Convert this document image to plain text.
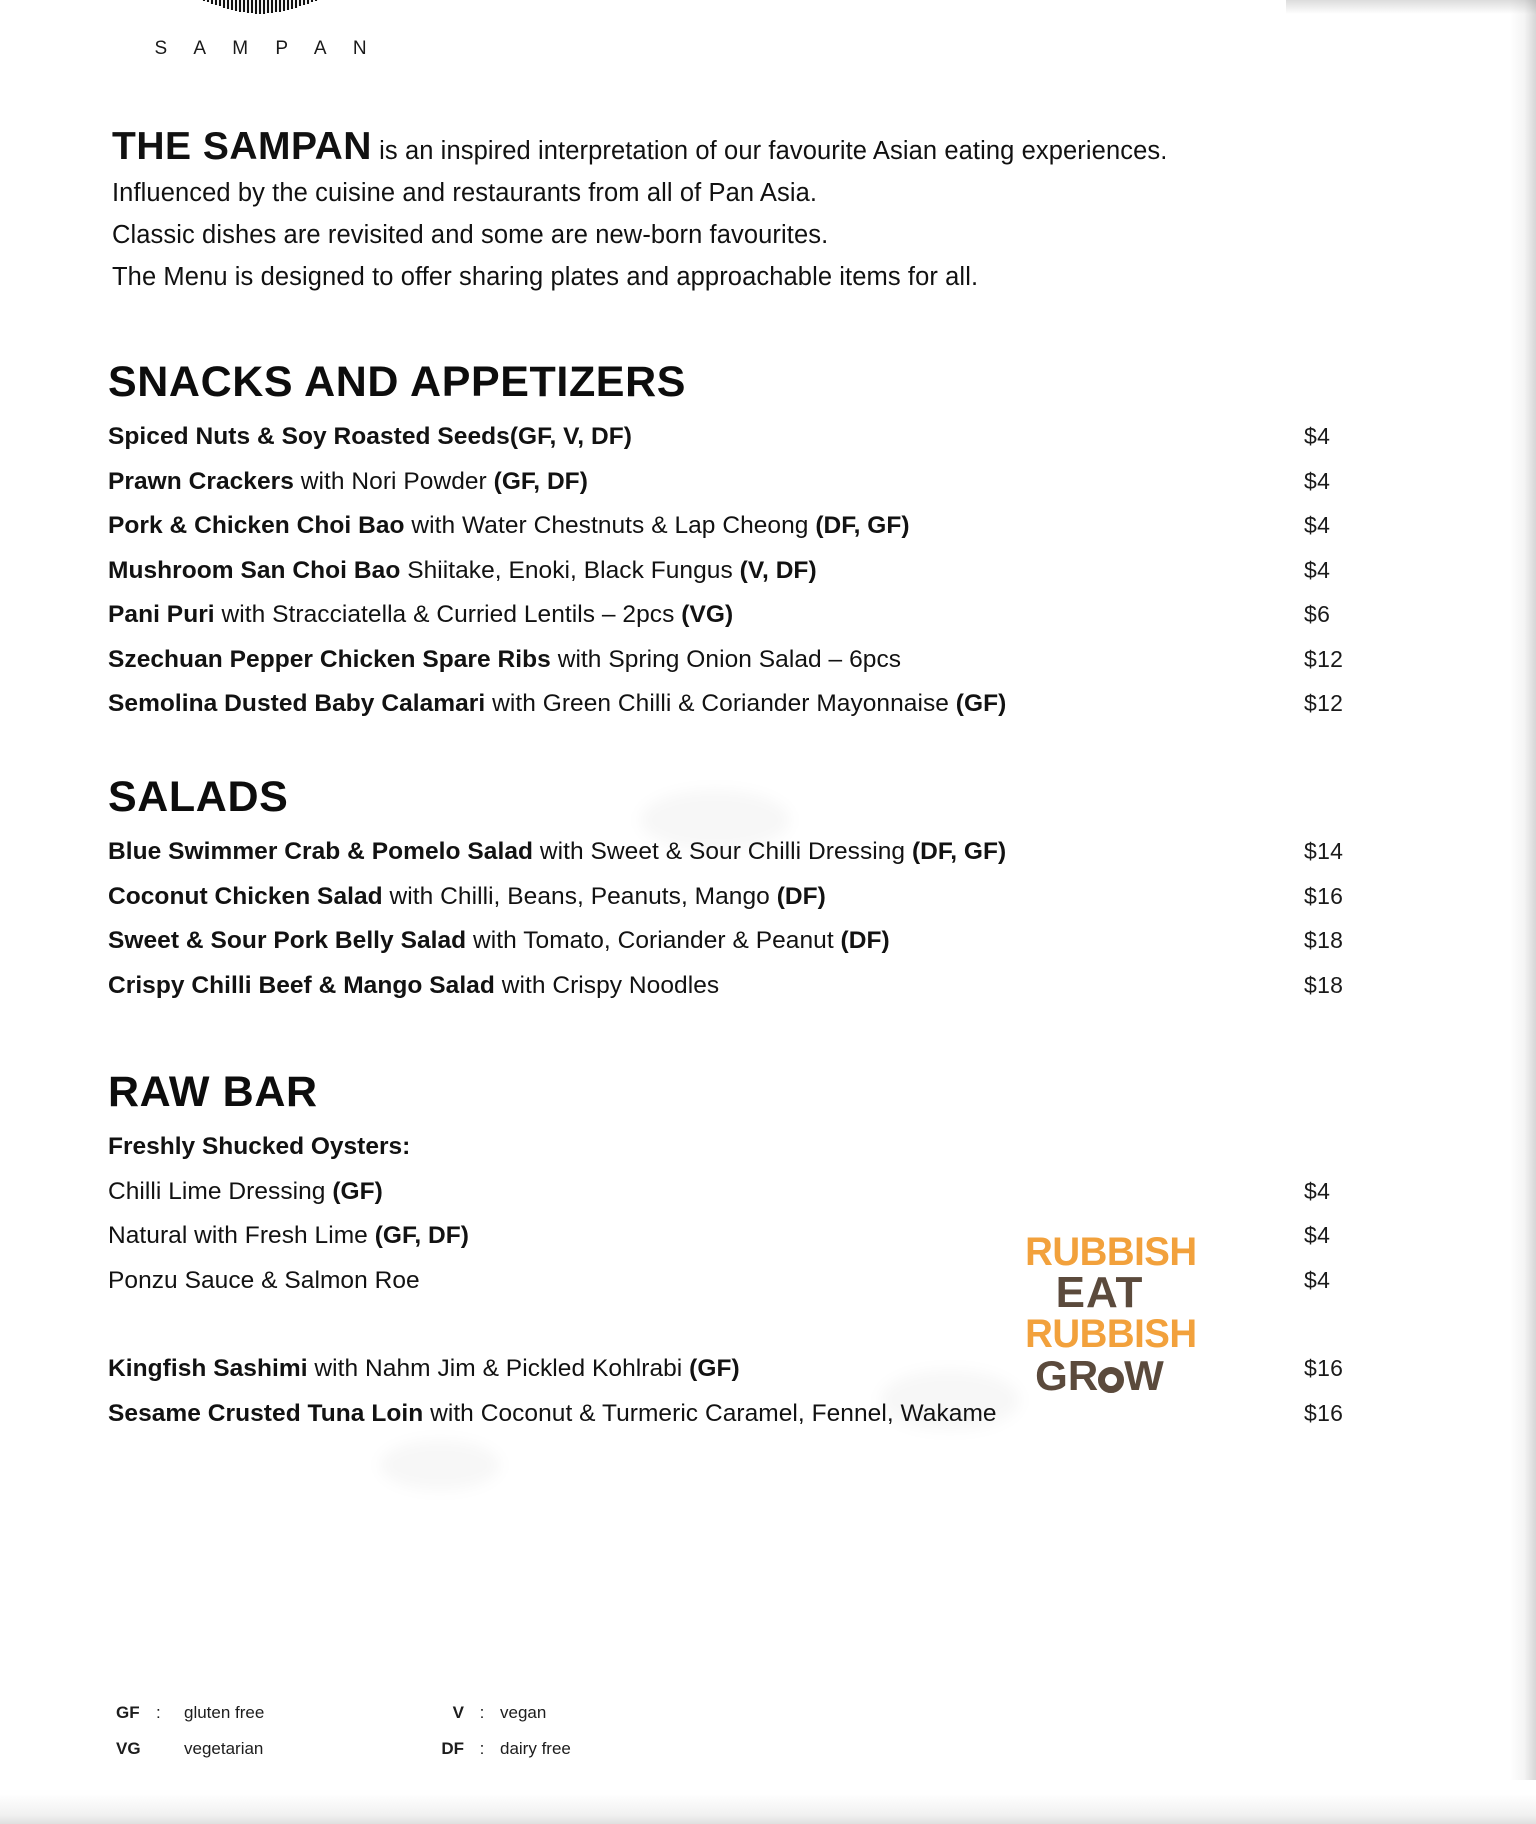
S A M P A N
THE SAMPAN is an inspired interpretation of our favourite Asian eating experiences.
Influenced by the cuisine and restaurants from all of Pan Asia.
Classic dishes are revisited and some are new-born favourites.
The Menu is designed to offer sharing plates and approachable items for all.
SNACKS AND APPETIZERS
Spiced Nuts & Soy Roasted Seeds(GF, V, DF)	$4
Prawn Crackers with Nori Powder (GF, DF)	$4
Pork & Chicken Choi Bao with Water Chestnuts & Lap Cheong (DF, GF)	$4
Mushroom San Choi Bao Shiitake, Enoki, Black Fungus (V, DF)	$4
Pani Puri with Stracciatella & Curried Lentils – 2pcs (VG)	$6
Szechuan Pepper Chicken Spare Ribs with Spring Onion Salad – 6pcs	$12
Semolina Dusted Baby Calamari with Green Chilli & Coriander Mayonnaise (GF)	$12
SALADS
Blue Swimmer Crab & Pomelo Salad with Sweet & Sour Chilli Dressing (DF, GF)	$14
Coconut Chicken Salad with Chilli, Beans, Peanuts, Mango (DF)	$16
Sweet & Sour Pork Belly Salad with Tomato, Coriander & Peanut (DF)	$18
Crispy Chilli Beef & Mango Salad with Crispy Noodles	$18
RAW BAR
Freshly Shucked Oysters:
Chilli Lime Dressing (GF)	$4
Natural with Fresh Lime (GF, DF)	$4
Ponzu Sauce & Salmon Roe	$4
Kingfish Sashimi with Nahm Jim & Pickled Kohlrabi (GF)	$16
Sesame Crusted Tuna Loin with Coconut & Turmeric Caramel, Fennel, Wakame	$16
RUBBISH
EAT
RUBBISH
GR W
GF :	gluten free	V : vegan
VG	vegetarian	DF : dairy free
